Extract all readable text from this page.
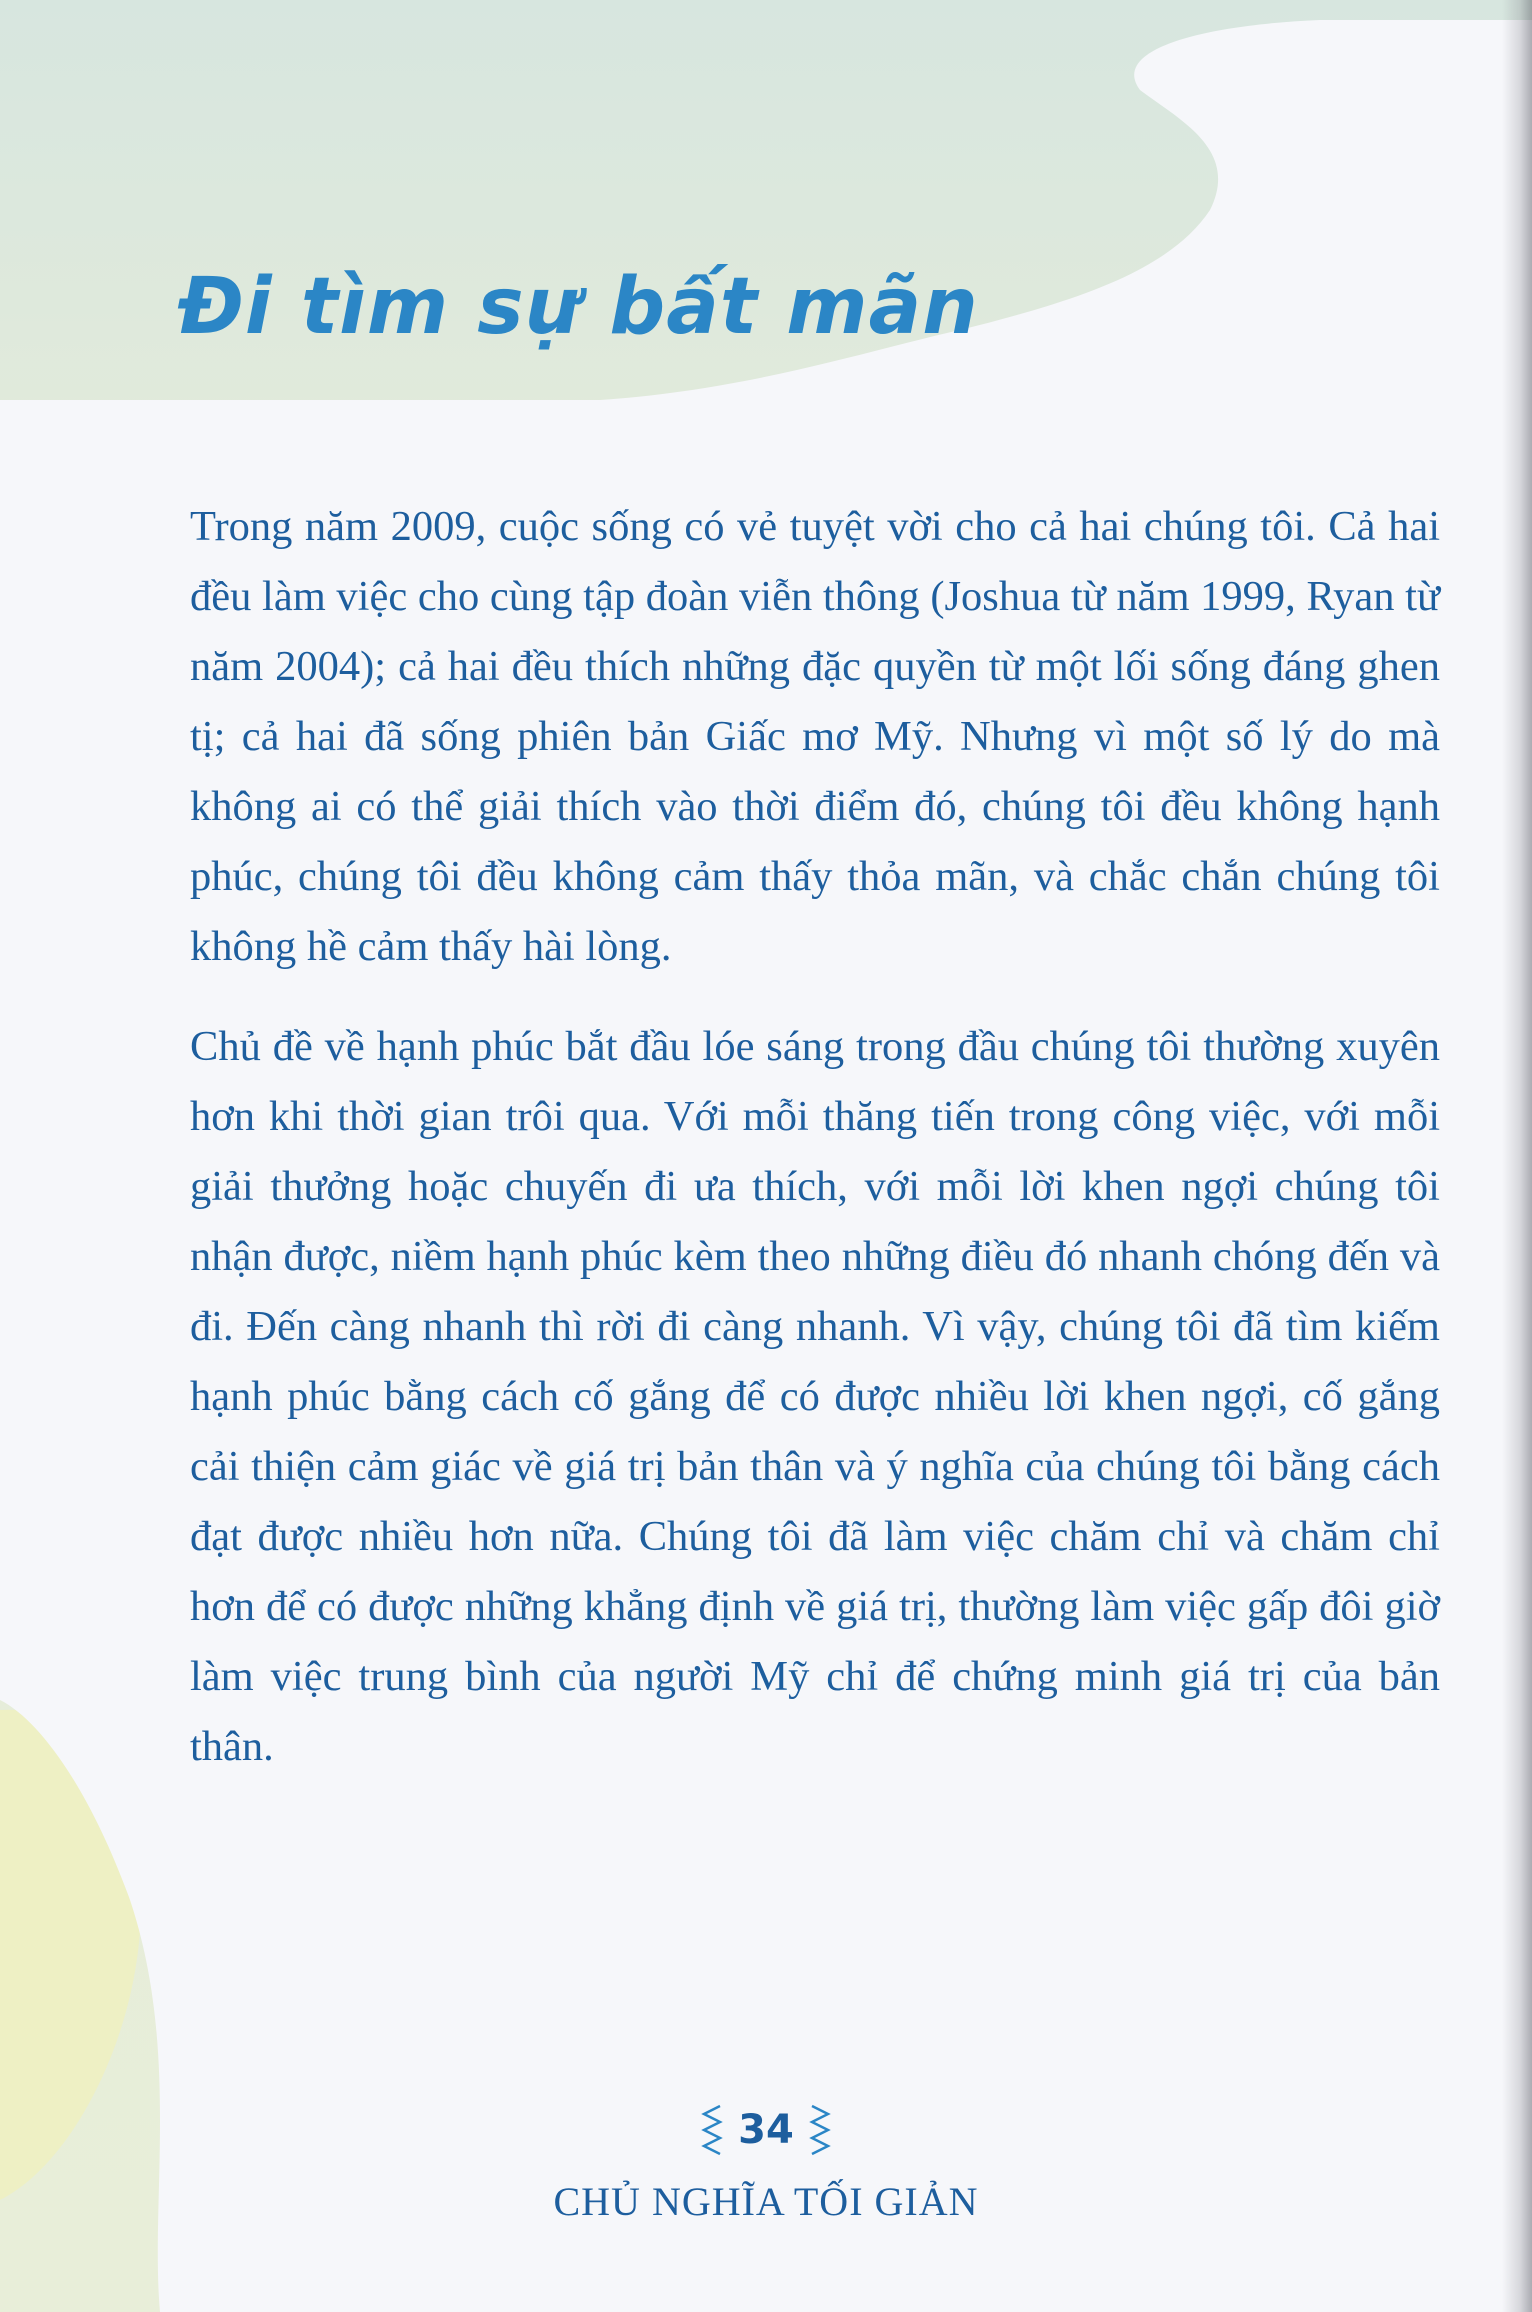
Đi tìm sự bất mãn

Trong năm 2009, cuộc sống có vẻ tuyệt vời cho cả hai chúng tôi. Cả hai đều làm việc cho cùng tập đoàn viễn thông (Joshua từ năm 1999, Ryan từ năm 2004); cả hai đều thích những đặc quyền từ một lối sống đáng ghen tị; cả hai đã sống phiên bản Giấc mơ Mỹ. Nhưng vì một số lý do mà không ai có thể giải thích vào thời điểm đó, chúng tôi đều không hạnh phúc, chúng tôi đều không cảm thấy thỏa mãn, và chắc chắn chúng tôi không hề cảm thấy hài lòng.

Chủ đề về hạnh phúc bắt đầu lóe sáng trong đầu chúng tôi thường xuyên hơn khi thời gian trôi qua. Với mỗi thăng tiến trong công việc, với mỗi giải thưởng hoặc chuyến đi ưa thích, với mỗi lời khen ngợi chúng tôi nhận được, niềm hạnh phúc kèm theo những điều đó nhanh chóng đến và đi. Đến càng nhanh thì rời đi càng nhanh. Vì vậy, chúng tôi đã tìm kiếm hạnh phúc bằng cách cố gắng để có được nhiều lời khen ngợi, cố gắng cải thiện cảm giác về giá trị bản thân và ý nghĩa của chúng tôi bằng cách đạt được nhiều hơn nữa. Chúng tôi đã làm việc chăm chỉ và chăm chỉ hơn để có được những khẳng định về giá trị, thường làm việc gấp đôi giờ làm việc trung bình của người Mỹ chỉ để chứng minh giá trị của bản thân.

34
CHỦ NGHĨA TỐI GIẢN
